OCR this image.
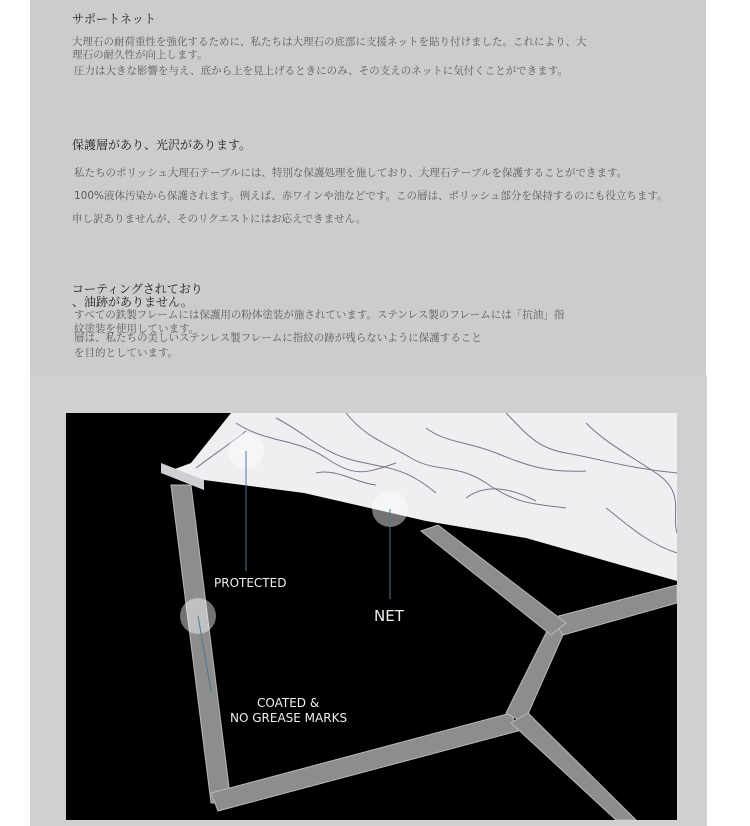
サポートネット

大理石の耐荷重性を強化するために、私たちは大理石の底部に支援ネットを貼り付けました。これにより、大

理石の耐久性が向上します。

圧力は大きな影響を与え、底から上を見上げるときにのみ、その支えのネットに気付くことができます。

保護層があり、光沢があります。

私たちのポリッシュ大理石テーブルには、特別な保護処理を施しており、大理石テーブルを保護することができます。

100%液体汚染から保護されます。例えば、赤ワインや油などです。この層は、ポリッシュ部分を保持するのにも役立ちます。

申し訳ありませんが、そのリクエストにはお応えできません。

コーティングされており

、油跡がありません。

すべての鉄製フレームには保護用の粉体塗装が施されています。ステンレス製のフレームには「抗油」指

紋塗装を使用しています。

層は、私たちの美しいステンレス製フレームに指紋の跡が残らないように保護すること

を目的としています。

PROTECTED
NET
COATED &
NO GREASE MARKS
